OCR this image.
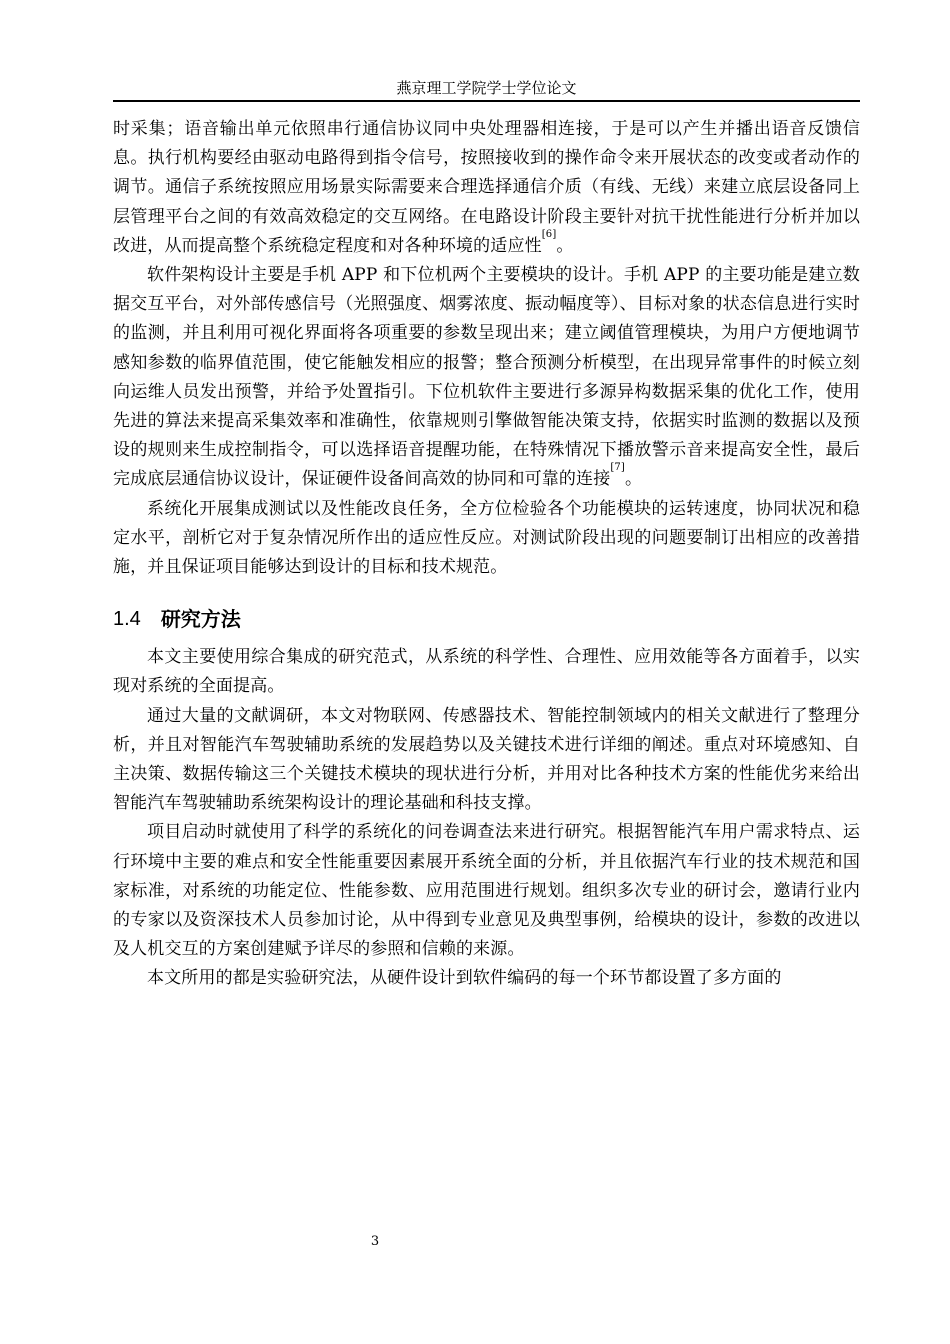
燕京理工学院学士学位论文

时采集；语音输出单元依照串行通信协议同中央处理器相连接，于是可以产生并播出语音反馈信息。执行机构要经由驱动电路得到指令信号，按照接收到的操作命令来开展状态的改变或者动作的调节。通信子系统按照应用场景实际需要来合理选择通信介质（有线、无线）来建立底层设备同上层管理平台之间的有效高效稳定的交互网络。在电路设计阶段主要针对抗干扰性能进行分析并加以改进，从而提高整个系统稳定程度和对各种环境的适应性[6]。

软件架构设计主要是手机 APP 和下位机两个主要模块的设计。手机 APP 的主要功能是建立数据交互平台，对外部传感信号（光照强度、烟雾浓度、振动幅度等）、目标对象的状态信息进行实时的监测，并且利用可视化界面将各项重要的参数呈现出来；建立阈值管理模块，为用户方便地调节感知参数的临界值范围，使它能触发相应的报警；整合预测分析模型，在出现异常事件的时候立刻向运维人员发出预警，并给予处置指引。下位机软件主要进行多源异构数据采集的优化工作，使用先进的算法来提高采集效率和准确性，依靠规则引擎做智能决策支持，依据实时监测的数据以及预设的规则来生成控制指令，可以选择语音提醒功能，在特殊情况下播放警示音来提高安全性，最后完成底层通信协议设计，保证硬件设备间高效的协同和可靠的连接[7]。

系统化开展集成测试以及性能改良任务，全方位检验各个功能模块的运转速度，协同状况和稳定水平，剖析它对于复杂情况所作出的适应性反应。对测试阶段出现的问题要制订出相应的改善措施，并且保证项目能够达到设计的目标和技术规范。

1.4 研究方法

本文主要使用综合集成的研究范式，从系统的科学性、合理性、应用效能等各方面着手，以实现对系统的全面提高。

通过大量的文献调研，本文对物联网、传感器技术、智能控制领域内的相关文献进行了整理分析，并且对智能汽车驾驶辅助系统的发展趋势以及关键技术进行详细的阐述。重点对环境感知、自主决策、数据传输这三个关键技术模块的现状进行分析，并用对比各种技术方案的性能优劣来给出智能汽车驾驶辅助系统架构设计的理论基础和科技支撑。

项目启动时就使用了科学的系统化的问卷调查法来进行研究。根据智能汽车用户需求特点、运行环境中主要的难点和安全性能重要因素展开系统全面的分析，并且依据汽车行业的技术规范和国家标准，对系统的功能定位、性能参数、应用范围进行规划。组织多次专业的研讨会，邀请行业内的专家以及资深技术人员参加讨论，从中得到专业意见及典型事例，给模块的设计，参数的改进以及人机交互的方案创建赋予详尽的参照和信赖的来源。

本文所用的都是实验研究法，从硬件设计到软件编码的每一个环节都设置了多方面的

3
